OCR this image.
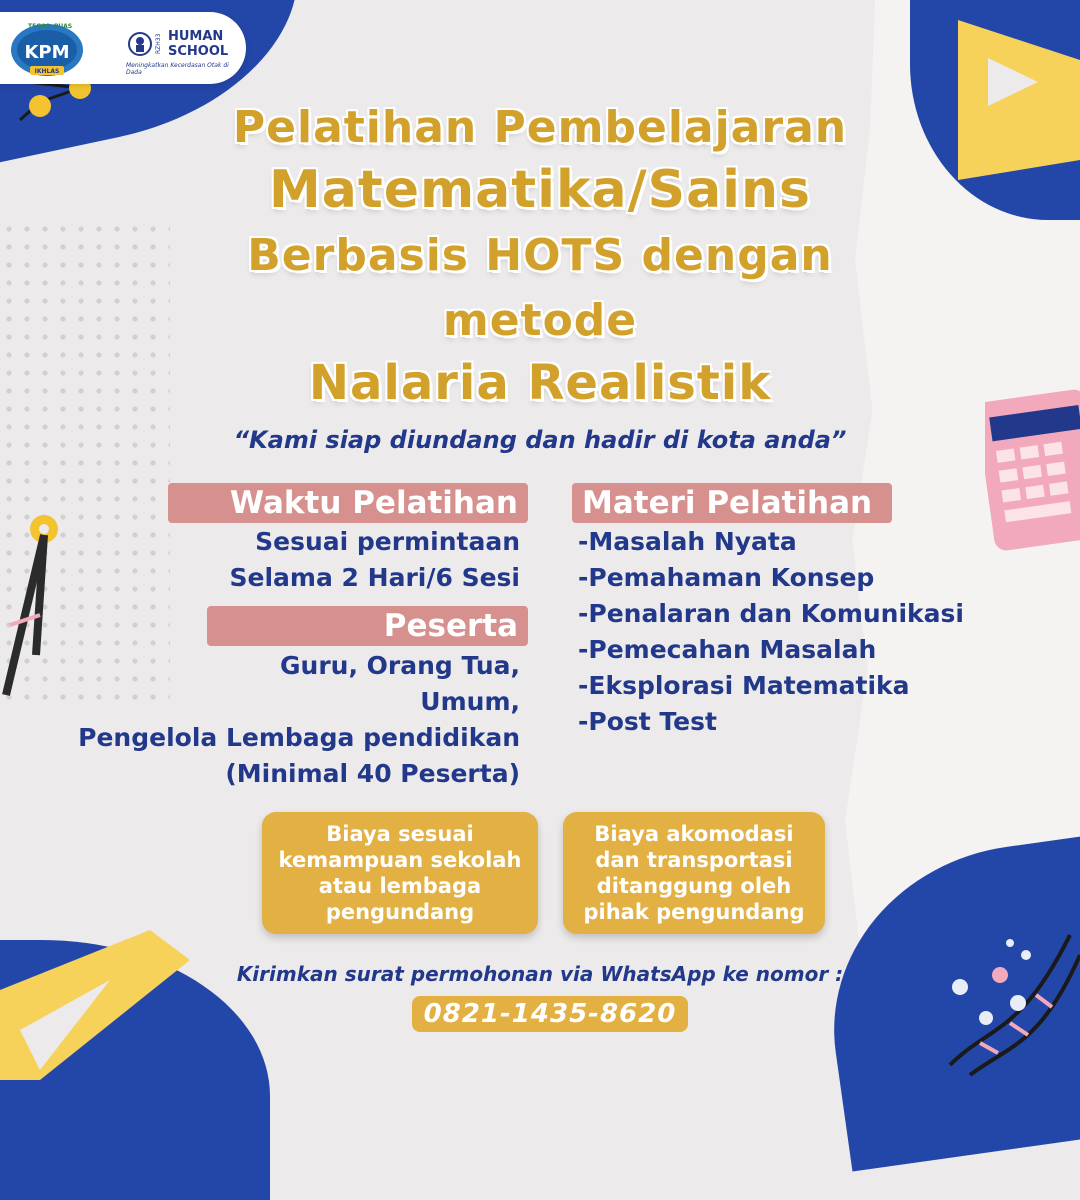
TEGAS PUAS
KPM
IKHLAS
RZH33 HUMAN
SCHOOL
Meningkatkan Kecerdasan Otak di Dada
Pelatihan Pembelajaran
Matematika/Sains
Berbasis HOTS dengan
metode
Nalaria Realistik
“Kami siap diundang dan hadir di kota anda”
Waktu Pelatihan
Sesuai permintaan
Selama 2 Hari/6 Sesi
Peserta
Guru, Orang Tua,
Umum,
Pengelola Lembaga pendidikan
(Minimal 40 Peserta)
Materi Pelatihan
-Masalah Nyata
-Pemahaman Konsep
-Penalaran dan Komunikasi
-Pemecahan Masalah
-Eksplorasi Matematika
-Post Test
Biaya sesuai
kemampuan sekolah
atau lembaga
pengundang
Biaya akomodasi
dan transportasi
ditanggung oleh
pihak pengundang
Kirimkan surat permohonan via WhatsApp ke nomor :
0821-1435-8620
